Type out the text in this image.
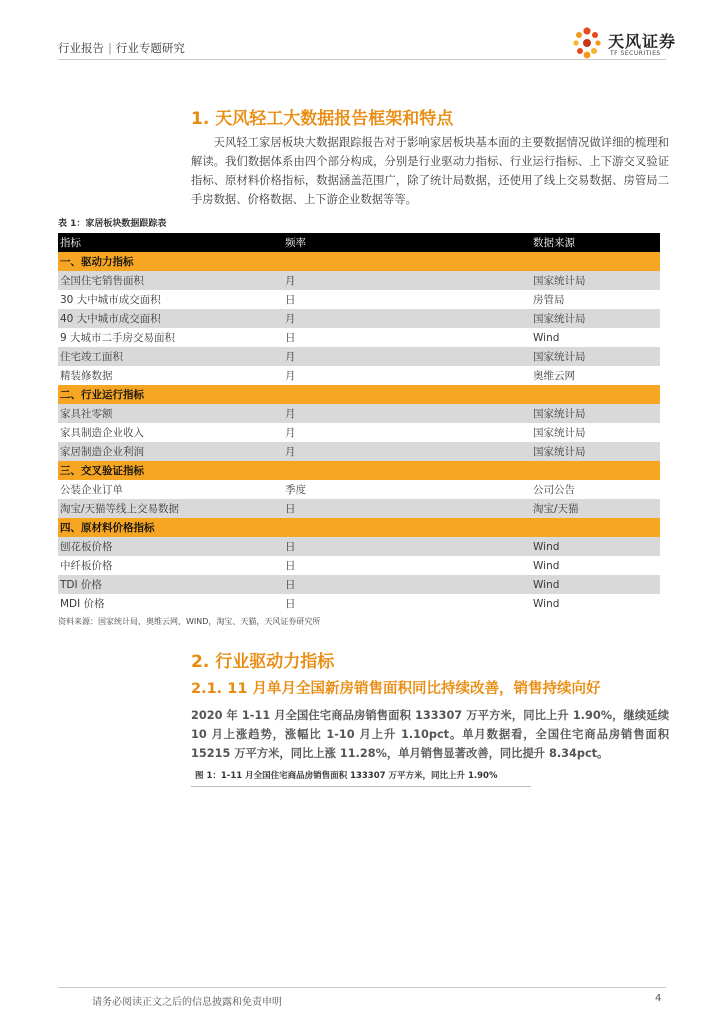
行业报告 | 行业专题研究	天风证券
TF SECURITIES
1. 天风轻工大数据报告框架和特点

天风轻工家居板块大数据跟踪报告对于影响家居板块基本面的主要数据情况做详细的梳理和解读。我们数据体系由四个部分构成，分别是行业驱动力指标、行业运行指标、上下游交叉验证指标、原材料价格指标，数据涵盖范围广，除了统计局数据，还使用了线上交易数据、房管局二手房数据、价格数据、上下游企业数据等等。

表 1：家居板块数据跟踪表
指标	频率	数据来源
一、驱动力指标		
全国住宅销售面积	月	国家统计局
30 大中城市成交面积	日	房管局
40 大中城市成交面积	月	国家统计局
9 大城市二手房交易面积	日	Wind
住宅竣工面积	月	国家统计局
精装修数据	月	奥维云网
二、行业运行指标		
家具社零额	月	国家统计局
家具制造企业收入	月	国家统计局
家居制造企业利润	月	国家统计局
三、交叉验证指标		
公装企业订单	季度	公司公告
淘宝/天猫等线上交易数据	日	淘宝/天猫
四、原材料价格指标		
刨花板价格	日	Wind
中纤板价格	日	Wind
TDI 价格	日	Wind
MDI 价格	日	Wind
资料来源：国家统计局，奥维云网，WIND，淘宝、天猫，天风证券研究所
2. 行业驱动力指标
2.1. 11 月单月全国新房销售面积同比持续改善，销售持续向好

2020 年 1-11 月全国住宅商品房销售面积 133307 万平方米，同比上升 1.90%，继续延续 10 月上涨趋势，涨幅比 1-10 月上升 1.10pct。单月数据看，全国住宅商品房销售面积 15215 万平方米，同比上涨 11.28%，单月销售显著改善，同比提升 8.34pct。

图 1：1-11 月全国住宅商品房销售面积 133307 万平方米，同比上升 1.90%
请务必阅读正文之后的信息披露和免责申明	4
